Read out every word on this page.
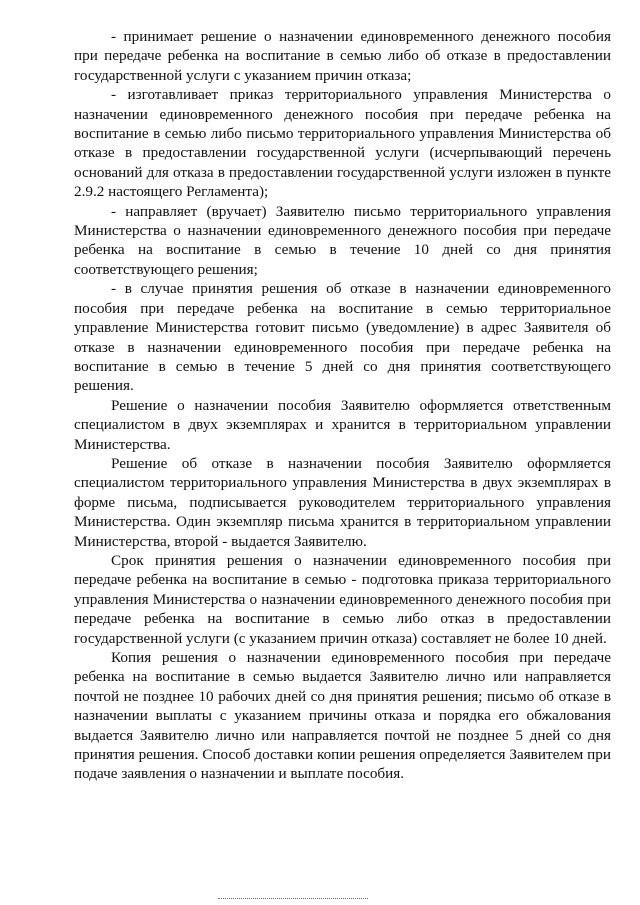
- принимает решение о назначении единовременного денежного пособия при передаче ребенка на воспитание в семью либо об отказе в предоставлении государственной услуги с указанием причин отказа;

- изготавливает приказ территориального управления Министерства о назначении единовременного денежного пособия при передаче ребенка на воспитание в семью либо письмо территориального управления Министерства об отказе в предоставлении государственной услуги (исчерпывающий перечень оснований для отказа в предоставлении государственной услуги изложен в пункте 2.9.2 настоящего Регламента);

- направляет (вручает) Заявителю письмо территориального управления Министерства о назначении единовременного денежного пособия при передаче ребенка на воспитание в семью в течение 10 дней со дня принятия соответствующего решения;

- в случае принятия решения об отказе в назначении единовременного пособия при передаче ребенка на воспитание в семью территориальное управление Министерства готовит письмо (уведомление) в адрес Заявителя об отказе в назначении единовременного пособия при передаче ребенка на воспитание в семью в течение 5 дней со дня принятия соответствующего решения.

Решение о назначении пособия Заявителю оформляется ответственным специалистом в двух экземплярах и хранится в территориальном управлении Министерства.

Решение об отказе в назначении пособия Заявителю оформляется специалистом территориального управления Министерства в двух экземплярах в форме письма, подписывается руководителем территориального управления Министерства. Один экземпляр письма хранится в территориальном управлении Министерства, второй - выдается Заявителю.

Срок принятия решения о назначении единовременного пособия при передаче ребенка на воспитание в семью - подготовка приказа территориального управления Министерства о назначении единовременного денежного пособия при передаче ребенка на воспитание в семью либо отказ в предоставлении государственной услуги (с указанием причин отказа) составляет не более 10 дней.

Копия решения о назначении единовременного пособия при передаче ребенка на воспитание в семью выдается Заявителю лично или направляется почтой не позднее 10 рабочих дней со дня принятия решения; письмо об отказе в назначении выплаты с указанием причины отказа и порядка его обжалования выдается Заявителю лично или направляется почтой не позднее 5 дней со дня принятия решения. Способ доставки копии решения определяется Заявителем при подаче заявления о назначении и выплате пособия.
